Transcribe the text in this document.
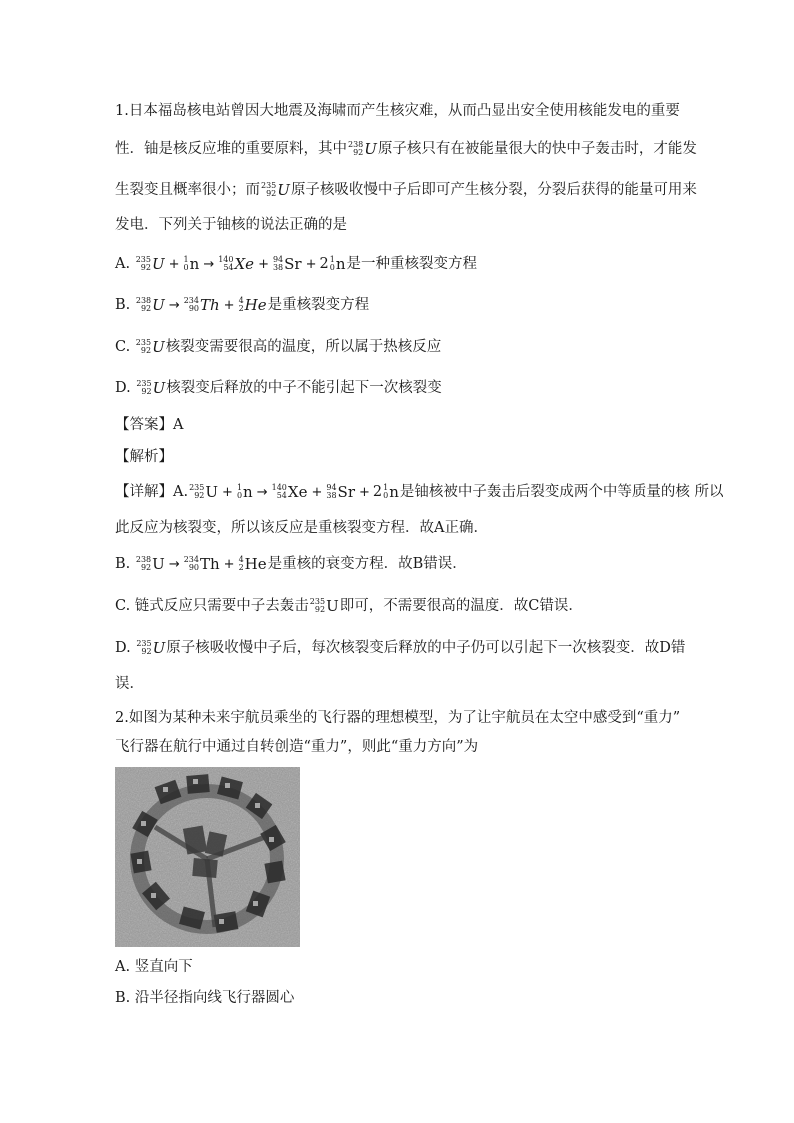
1.日本福岛核电站曾因大地震及海啸而产生核灾难，从而凸显出安全使用核能发电的重要
性．铀是核反应堆的重要原料，其中 238
92 U 原子核只有在被能量很大的快中子轰击时，才能发
生裂变且概率很小；而 235
92 U 原子核吸收慢中子后即可产生核分裂，分裂后获得的能量可用来
发电．下列关于铀核的说法正确的是
A. 235
92 U + 1
0 n → 140
54 Xe + 94
38 Sr + 2 1
0 n 是一种重核裂变方程
B. 238
92 U → 234
90 Th + 4
2 He 是重核裂变方程
C. 235
92 U 核裂变需要很高的温度，所以属于热核反应
D. 235
92 U 核裂变后释放的中子不能引起下一次核裂变
【答案】A
【解析】
【详解】A. 235
92 U + 1
0 n → 140
54 Xe + 94
38 Sr + 2 1
0 n 是铀核被中子轰击后裂变成两个中等质量的核 所以
此反应为核裂变，所以该反应是重核裂变方程．故A正确．
B. 238
92 U → 234
90 Th + 4
2 He 是重核的衰变方程．故B错误．
C. 链式反应只需要中子去轰击 235
92 U 即可，不需要很高的温度．故C错误．
D. 235
92 U 原子核吸收慢中子后，每次核裂变后释放的中子仍可以引起下一次核裂变．故D错
误．
2.如图为某种未来宇航员乘坐的飞行器的理想模型，为了让宇航员在太空中感受到“重力”
飞行器在航行中通过自转创造“重力”，则此“重力方向”为
A. 竖直向下
B. 沿半径指向线飞行器圆心
